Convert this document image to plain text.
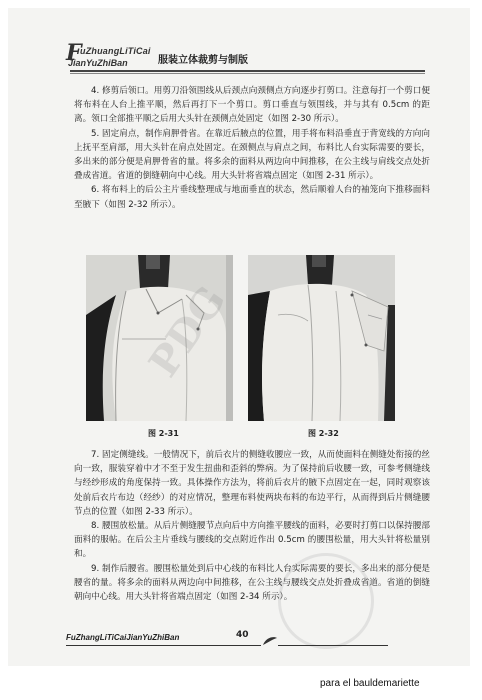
F
uZhuangLiTiCai
JianYuZhiBan	服装立体裁剪与制版
4. 修剪后领口。用剪刀沿领围线从后颈点向颈侧点方向逐步打剪口。注意每打一个剪口便将布料在人台上推平顺，然后再打下一个剪口。剪口垂直与领围线，并与其有 0.5cm 的距离。领口全部推平顺之后用大头针在颈侧点处固定（如图 2-30 所示）。
5. 固定肩点，制作肩胛骨省。在靠近后腋点的位置，用手将布料沿垂直于背宽线的方向向上抚平至肩部，用大头针在肩点处固定。在颈侧点与肩点之间，布料比人台实际需要的要长，多出来的部分便是肩胛骨省的量。将多余的面料从两边向中间推移，在公主线与肩线交点处折叠成省道。省道的倒缝朝向中心线。用大头针将省端点固定（如图 2-31 所示）。
6. 将布料上的后公主片垂线整理成与地面垂直的状态，然后顺着人台的袖笼向下推移面料至腋下（如图 2-32 所示）。
图 2-31	图 2-32
7. 固定侧缝线。一般情况下，前后衣片的侧缝收腰应一致，从而使面料在侧缝处衔接的丝向一致，服装穿着中才不至于发生扭曲和歪斜的弊病。为了保持前后收腰一致，可参考侧缝线与经纱形成的角度保持一致。具体操作方法为，将前后衣片的腋下点固定在一起，同时观察该处前后衣片布边（经纱）的对应情况，整理布料使两块布料的布边平行，从而得到后片侧缝腰节点的位置（如图 2-33 所示）。
8. 腰围放松量。从后片侧缝腰节点向后中方向推平腰线的面料，必要时打剪口以保持腰部面料的服帖。在后公主片垂线与腰线的交点附近作出 0.5cm 的腰围松量，用大头针将松量别和。
9. 制作后腰省。腰围松量处到后中心线的布料比人台实际需要的要长，多出来的部分便是腰省的量。将多余的面料从两边向中间推移，在公主线与腰线交点处折叠成省道。省道的倒缝朝向中心线。用大头针将省端点固定（如图 2-34 所示）。
FuZhangLiTiCaiJianYuZhiBan	40
para el bauldemariette
